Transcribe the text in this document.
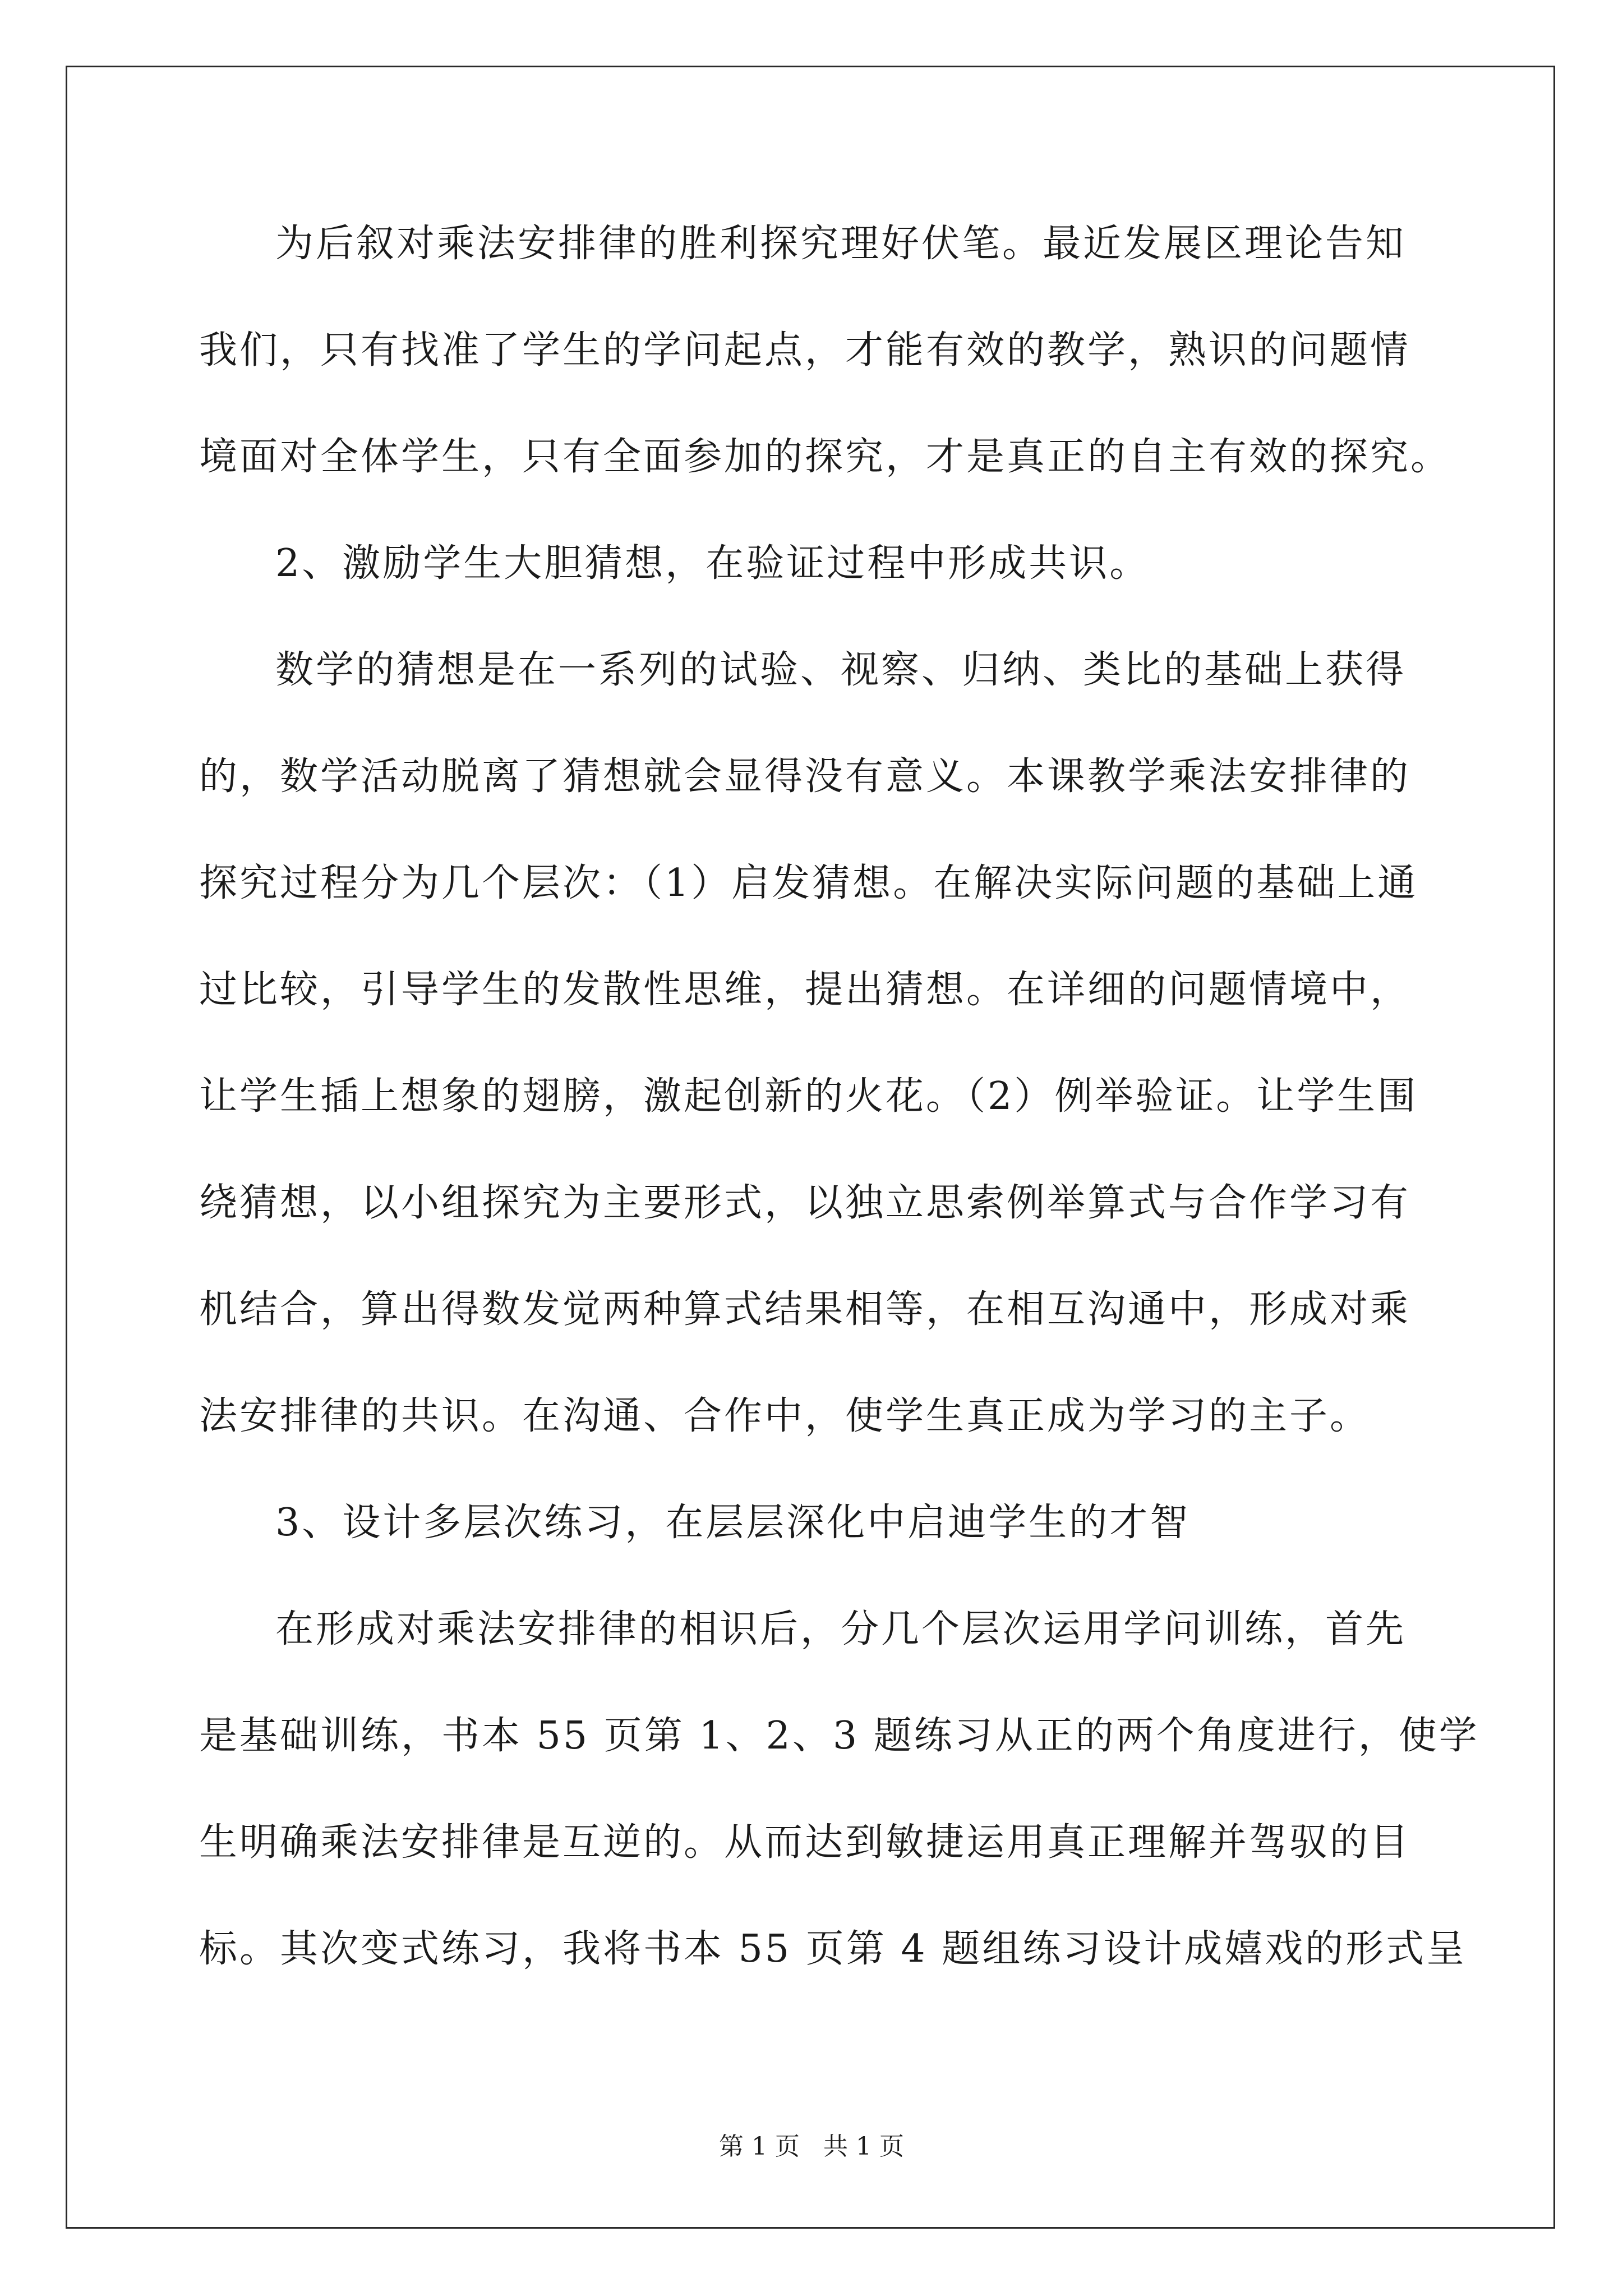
为后叙对乘法安排律的胜利探究理好伏笔。最近发展区理论告知
我们，只有找准了学生的学问起点，才能有效的教学，熟识的问题情
境面对全体学生，只有全面参加的探究，才是真正的自主有效的探究。
2、激励学生大胆猜想，在验证过程中形成共识。
数学的猜想是在一系列的试验、视察、归纳、类比的基础上获得
的，数学活动脱离了猜想就会显得没有意义。本课教学乘法安排律的
探究过程分为几个层次：（1）启发猜想。在解决实际问题的基础上通
过比较，引导学生的发散性思维，提出猜想。在详细的问题情境中，
让学生插上想象的翅膀，激起创新的火花。（2）例举验证。让学生围
绕猜想，以小组探究为主要形式，以独立思索例举算式与合作学习有
机结合，算出得数发觉两种算式结果相等，在相互沟通中，形成对乘
法安排律的共识。在沟通、合作中，使学生真正成为学习的主子。
3、设计多层次练习，在层层深化中启迪学生的才智
在形成对乘法安排律的相识后，分几个层次运用学问训练，首先
是基础训练，书本 55 页第 1、2、3 题练习从正的两个角度进行，使学
生明确乘法安排律是互逆的。从而达到敏捷运用真正理解并驾驭的目
标。其次变式练习，我将书本 55 页第 4 题组练习设计成嬉戏的形式呈
第 1 页   共 1 页
